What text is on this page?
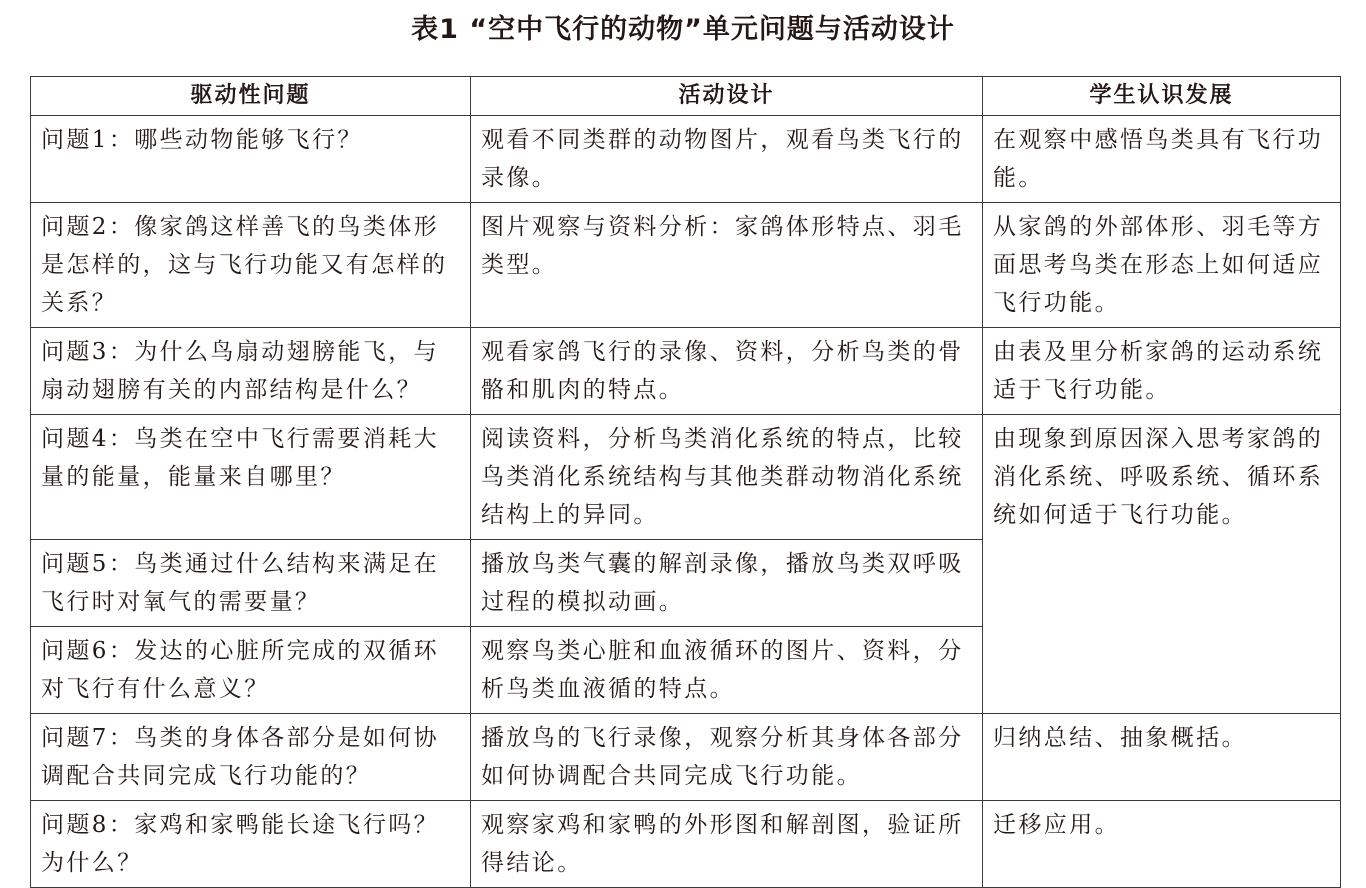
表1 “空中飞行的动物”单元问题与活动设计
驱动性问题	活动设计	学生认识发展
问题1：哪些动物能够飞行？	观看不同类群的动物图片，观看鸟类飞行的录像。	在观察中感悟鸟类具有飞行功能。
问题2：像家鸽这样善飞的鸟类体形是怎样的，这与飞行功能又有怎样的关系？	图片观察与资料分析：家鸽体形特点、羽毛类型。	从家鸽的外部体形、羽毛等方面思考鸟类在形态上如何适应飞行功能。
问题3：为什么鸟扇动翅膀能飞，与扇动翅膀有关的内部结构是什么？	观看家鸽飞行的录像、资料，分析鸟类的骨骼和肌肉的特点。	由表及里分析家鸽的运动系统适于飞行功能。
问题4：鸟类在空中飞行需要消耗大量的能量，能量来自哪里？	阅读资料，分析鸟类消化系统的特点，比较鸟类消化系统结构与其他类群动物消化系统结构上的异同。	由现象到原因深入思考家鸽的消化系统、呼吸系统、循环系统如何适于飞行功能。
问题5：鸟类通过什么结构来满足在飞行时对氧气的需要量？	播放鸟类气囊的解剖录像，播放鸟类双呼吸过程的模拟动画。	
问题6：发达的心脏所完成的双循环对飞行有什么意义？	观察鸟类心脏和血液循环的图片、资料，分析鸟类血液循的特点。	
问题7：鸟类的身体各部分是如何协调配合共同完成飞行功能的？	播放鸟的飞行录像，观察分析其身体各部分如何协调配合共同完成飞行功能。	归纳总结、抽象概括。
问题8：家鸡和家鸭能长途飞行吗？为什么？	观察家鸡和家鸭的外形图和解剖图，验证所得结论。	迁移应用。
